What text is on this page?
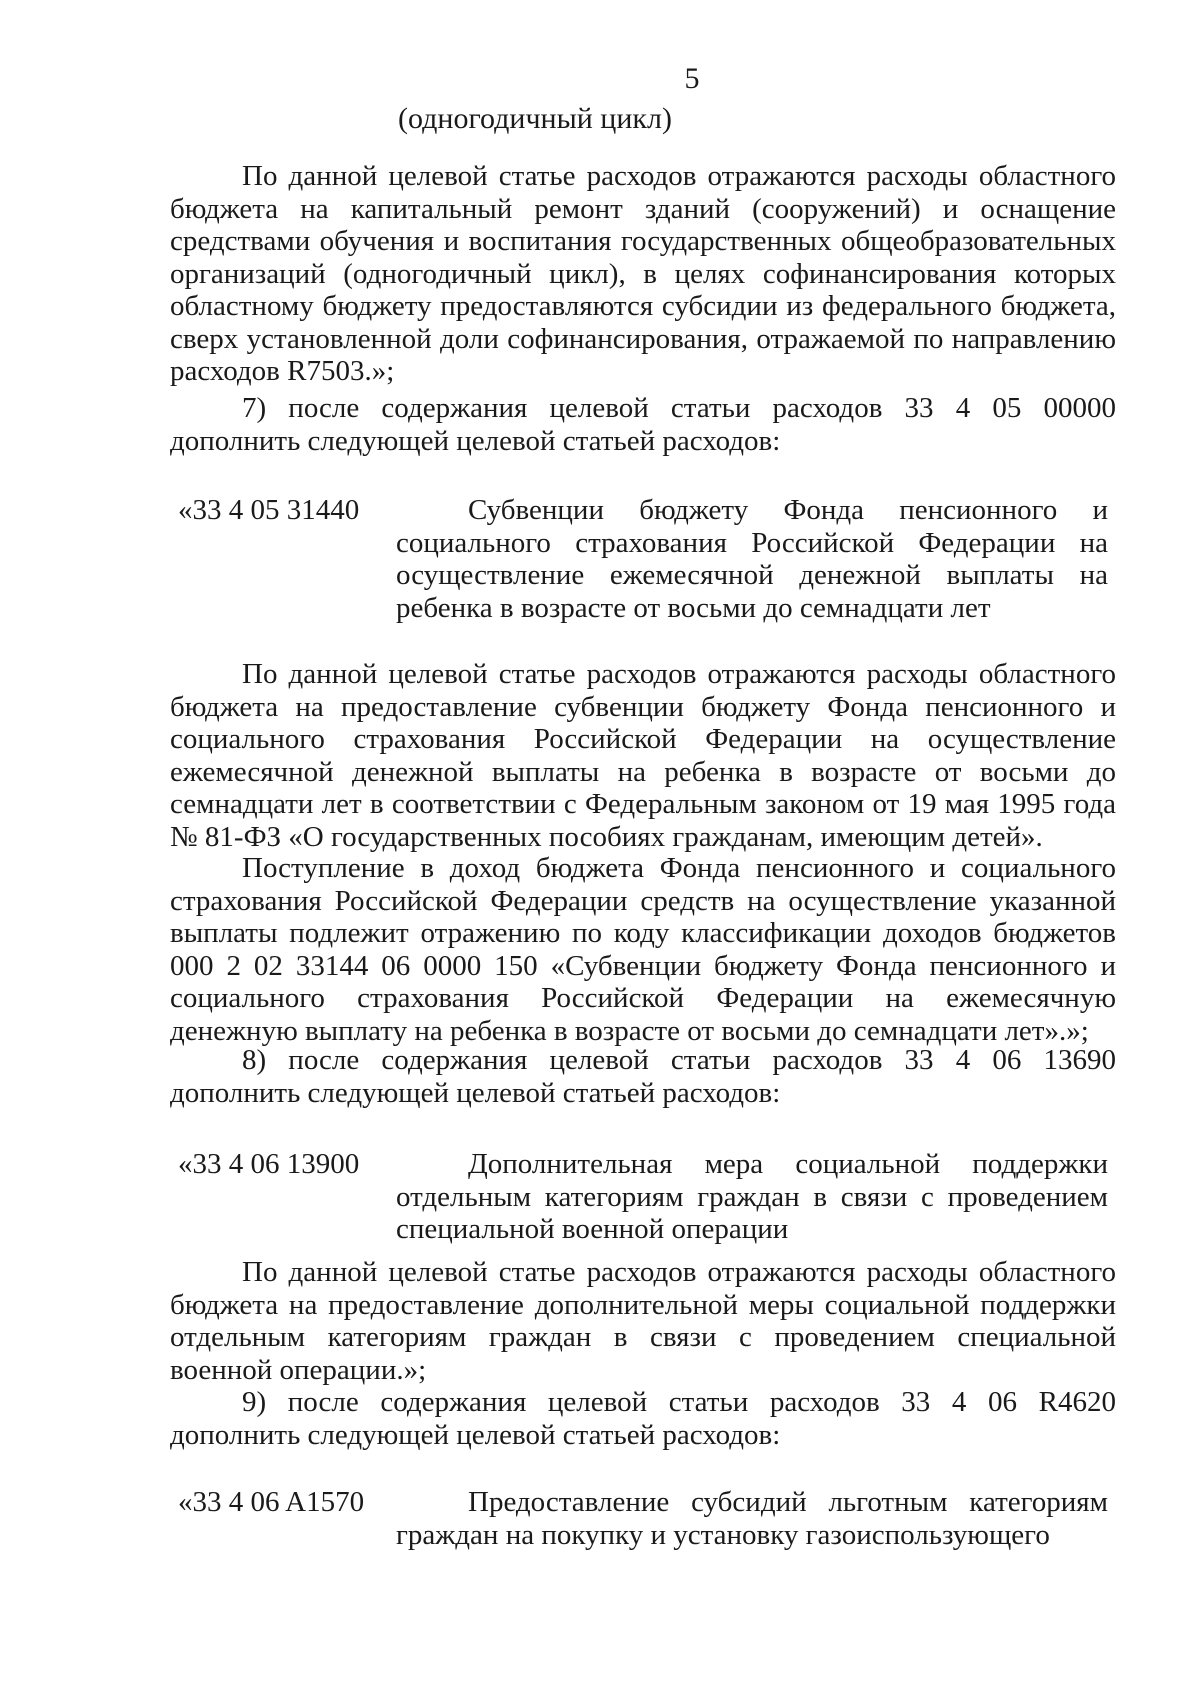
5
(одногодичный цикл)

По данной целевой статье расходов отражаются расходы областного бюджета на капитальный ремонт зданий (сооружений) и оснащение средствами обучения и воспитания государственных общеобразовательных организаций (одногодичный цикл), в целях софинансирования которых областному бюджету предоставляются субсидии из федерального бюджета, сверх установленной доли софинансирования, отражаемой по направлению расходов R7503.»;

7) после содержания целевой статьи расходов 33 4 05 00000 дополнить следующей целевой статьей расходов:

«33 4 05 31440	Субвенции бюджету Фонда пенсионного и социального страхования Российской Федерации на осуществление ежемесячной денежной выплаты на ребенка в возрасте от восьми до семнадцати лет

По данной целевой статье расходов отражаются расходы областного бюджета на предоставление субвенции бюджету Фонда пенсионного и социального страхования Российской Федерации на осуществление ежемесячной денежной выплаты на ребенка в возрасте от восьми до семнадцати лет в соответствии с Федеральным законом от 19 мая 1995 года № 81-ФЗ «О государственных пособиях гражданам, имеющим детей».

Поступление в доход бюджета Фонда пенсионного и социального страхования Российской Федерации средств на осуществление указанной выплаты подлежит отражению по коду классификации доходов бюджетов 000 2 02 33144 06 0000 150 «Субвенции бюджету Фонда пенсионного и социального страхования Российской Федерации на ежемесячную денежную выплату на ребенка в возрасте от восьми до семнадцати лет».»;

8) после содержания целевой статьи расходов 33 4 06 13690 дополнить следующей целевой статьей расходов:

«33 4 06 13900	Дополнительная мера социальной поддержки отдельным категориям граждан в связи с проведением специальной военной операции

По данной целевой статье расходов отражаются расходы областного бюджета на предоставление дополнительной меры социальной поддержки отдельным категориям граждан в связи с проведением специальной военной операции.»;

9) после содержания целевой статьи расходов 33 4 06 R4620 дополнить следующей целевой статьей расходов:

«33 4 06 A1570	Предоставление субсидий льготным категориям граждан на покупку и установку газоиспользующего
